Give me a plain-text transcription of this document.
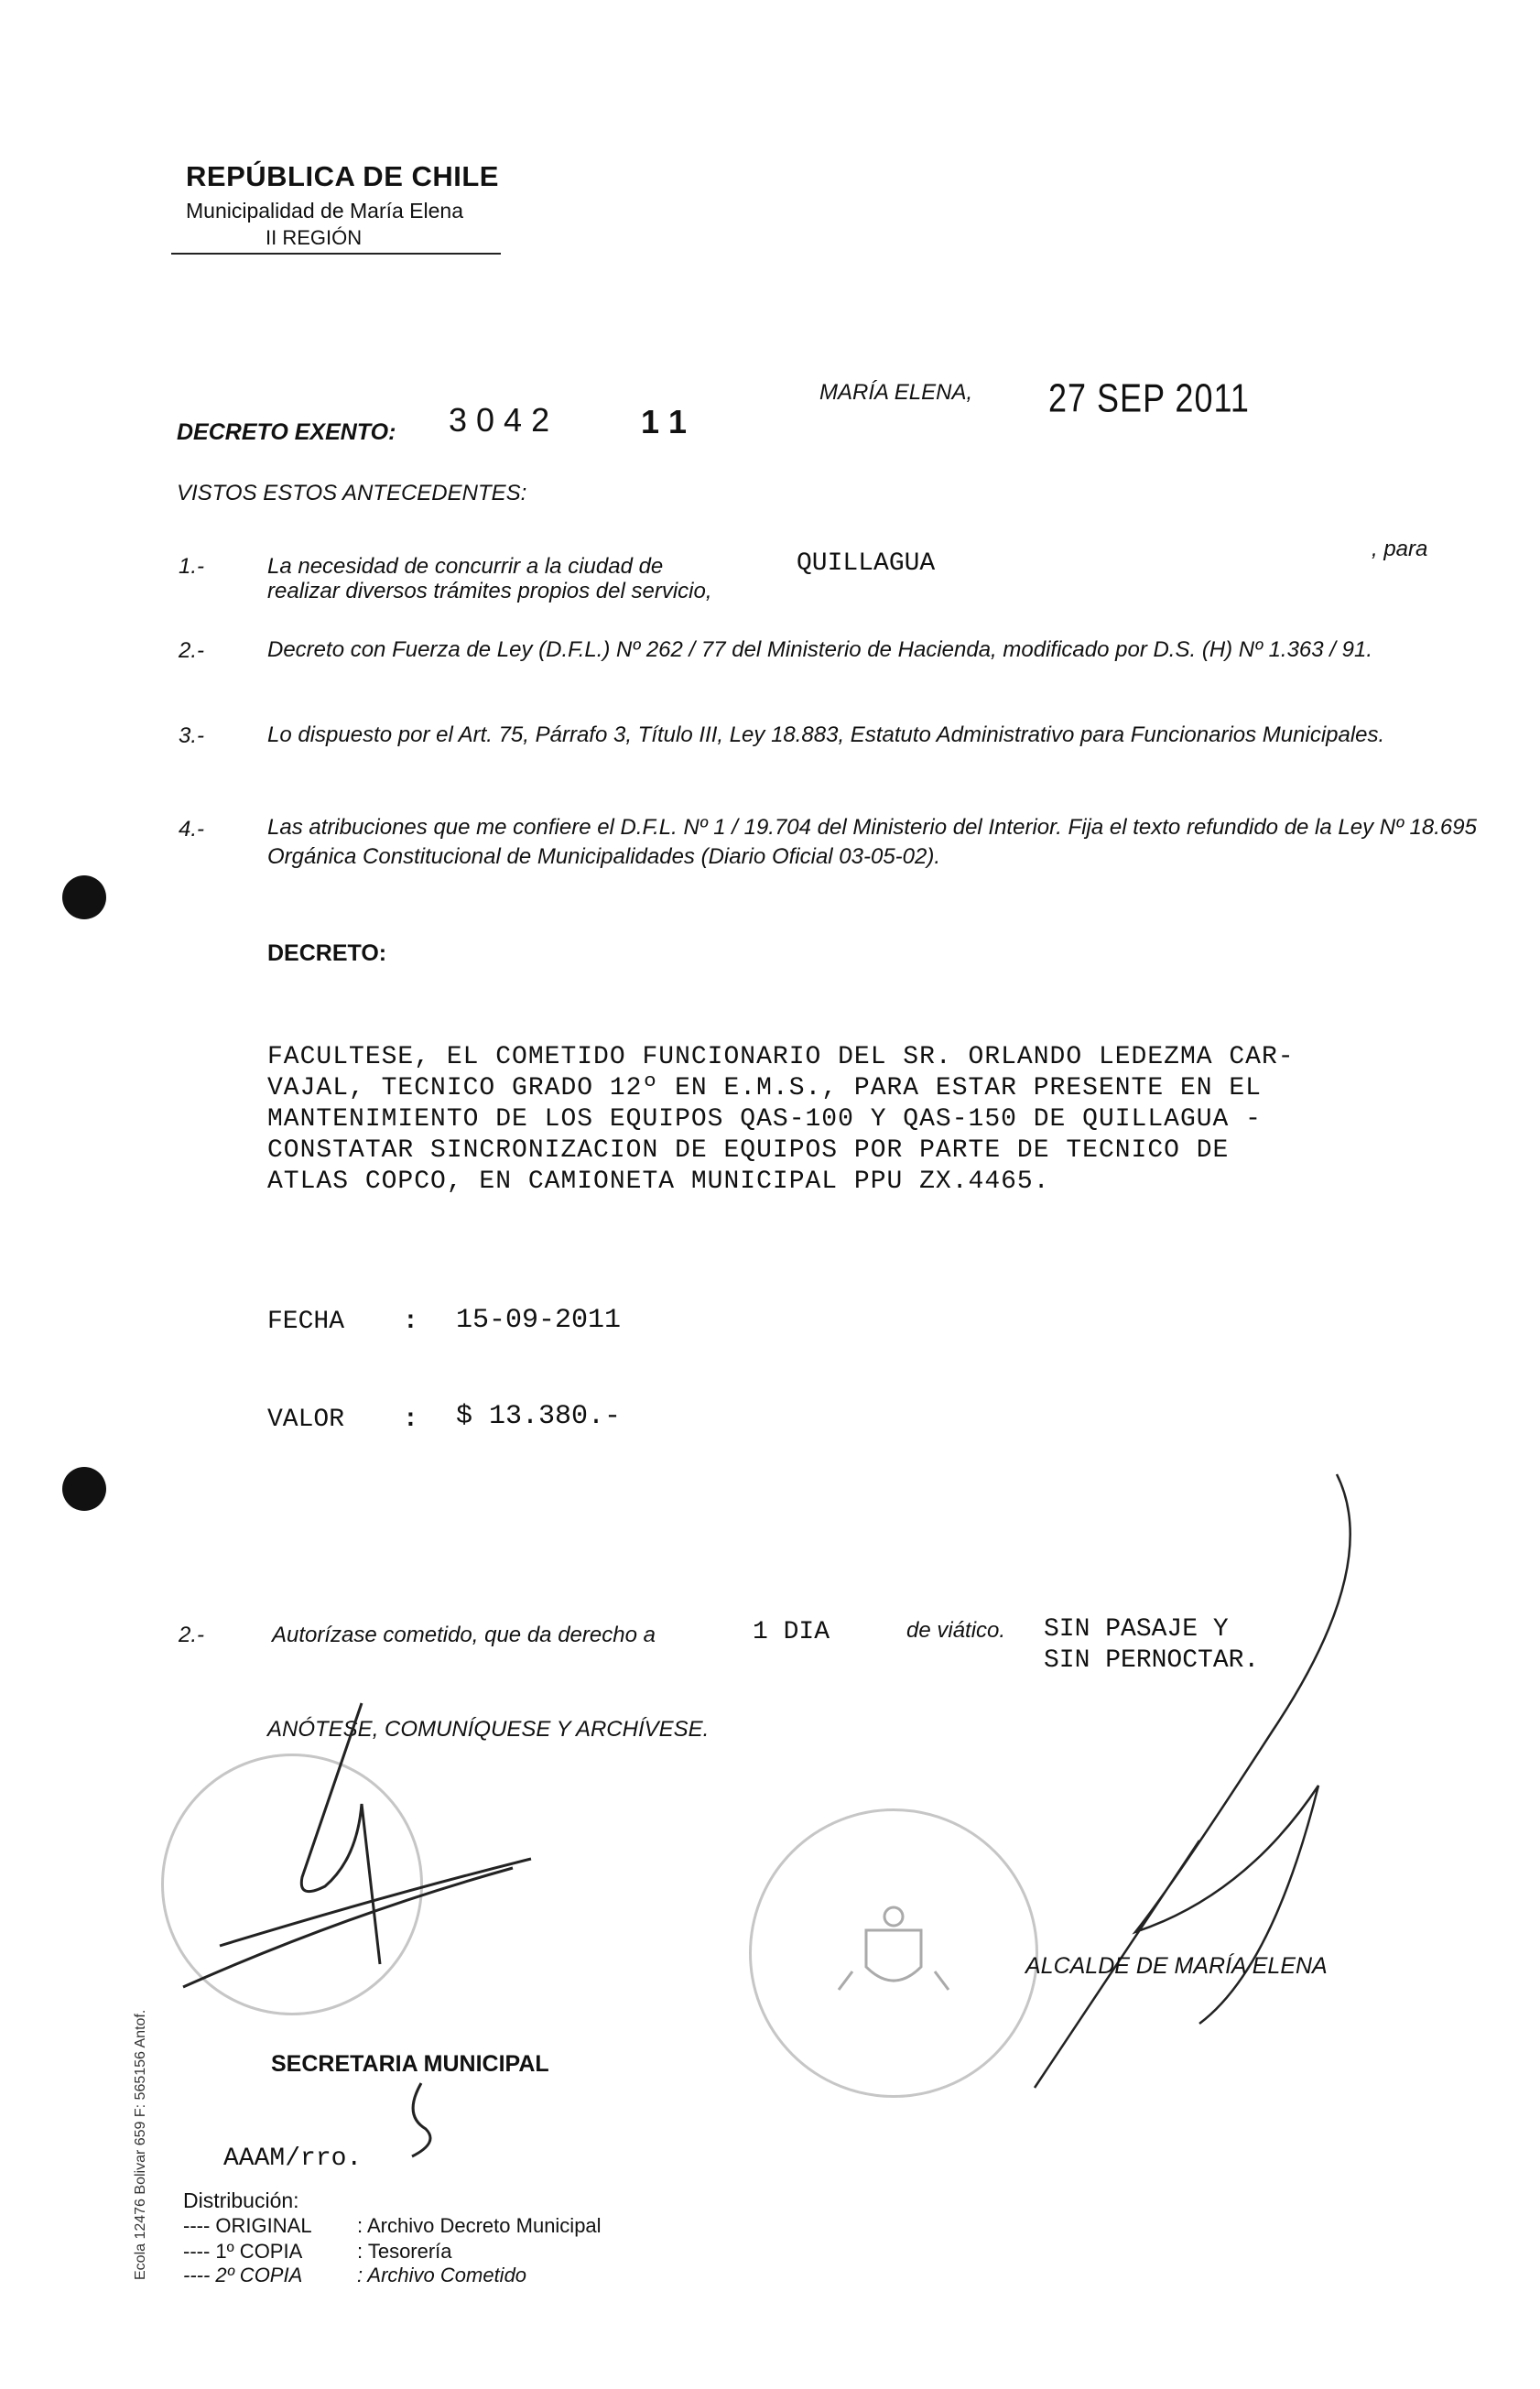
REPÚBLICA DE CHILE
Municipalidad de María Elena
II REGIÓN
DECRETO EXENTO: 3042 1 1
MARÍA ELENA, 27 SEP 2011
VISTOS ESTOS ANTECEDENTES:
1.-	La necesidad de concurrir a la ciudad de	QUILLAGUA
, para
realizar diversos trámites propios del servicio,
2.-	Decreto con Fuerza de Ley (D.F.L.) Nº 262 / 77 del Ministerio de Hacienda, modificado por D.S. (H) Nº 1.363 / 91.
3.-	Lo dispuesto por el Art. 75, Párrafo 3, Título III, Ley 18.883, Estatuto Administrativo para Funcionarios Municipales.
4.-	Las atribuciones que me confiere el D.F.L. Nº 1 / 19.704 del Ministerio del Interior. Fija el texto refundido de la Ley Nº 18.695 Orgánica Constitucional de Municipalidades (Diario Oficial 03-05-02).
DECRETO:
FACULTESE, EL COMETIDO FUNCIONARIO DEL SR. ORLANDO LEDEZMA CAR-
VAJAL, TECNICO GRADO 12º EN E.M.S., PARA ESTAR PRESENTE EN EL
MANTENIMIENTO DE LOS EQUIPOS QAS-100 Y QAS-150 DE QUILLAGUA -
CONSTATAR SINCRONIZACION DE EQUIPOS POR PARTE DE TECNICO DE
ATLAS COPCO, EN CAMIONETA MUNICIPAL PPU ZX.4465.
FECHA : 15-09-2011
VALOR : $ 13.380.-
2.-	Autorízase cometido, que da derecho a	1 DIA	de viático. SIN PASAJE Y
SIN PERNOCTAR.
ANÓTESE, COMUNÍQUESE Y ARCHÍVESE.
ALCALDE DE MARÍA ELENA
SECRETARIA MUNICIPAL
AAAM/rro.
Distribución:
---- ORIGINAL : Archivo Decreto Municipal
---- 1º COPIA	: Tesorería
---- 2º COPIA	: Archivo Cometido
Ecola 12476 Bolivar 659 F: 565156 Antof.
